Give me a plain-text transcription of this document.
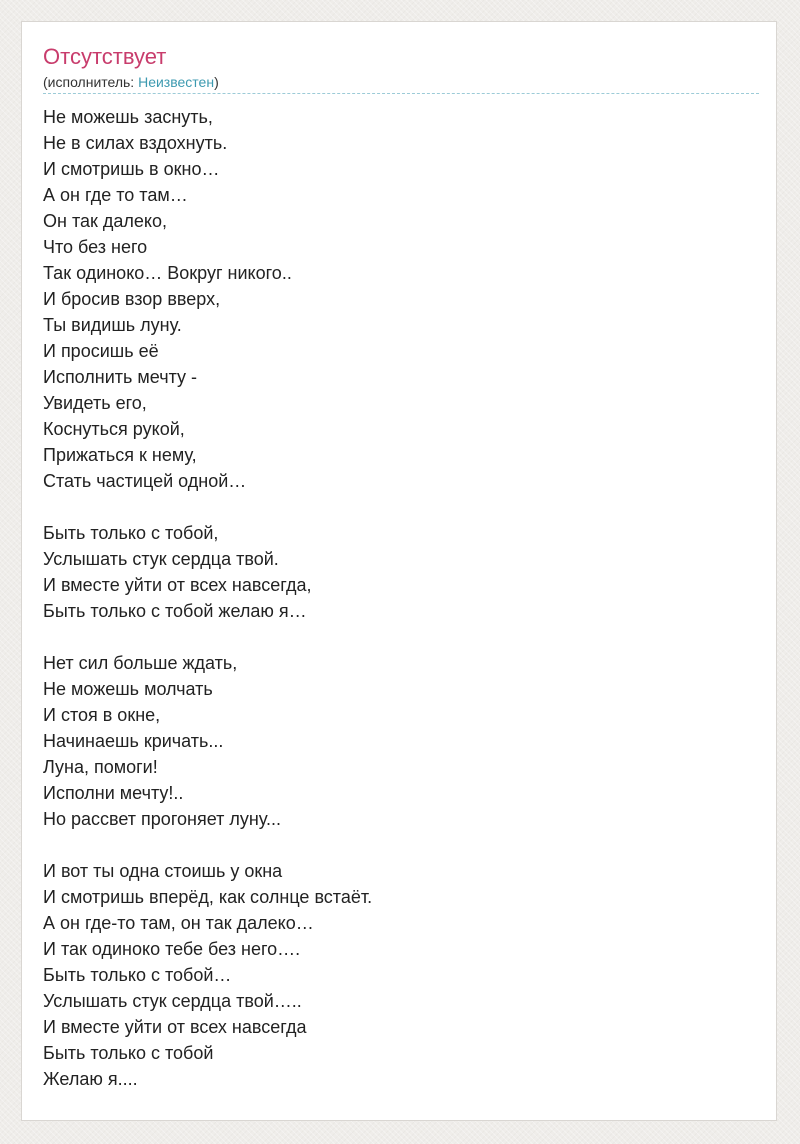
Отсутствует
(исполнитель: Неизвестен)
Не можешь заснуть,
Не в силах вздохнуть.
И смотришь в окно…
А он где то там…
Он так далеко,
Что без него
Так одиноко… Вокруг никого..
И бросив взор вверх,
Ты видишь луну.
И просишь её
Исполнить мечту -
Увидеть его,
Коснуться рукой,
Прижаться к нему,
Стать частицей одной…
Быть только с тобой,
Услышать стук сердца твой.
И вместе уйти от всех навсегда,
Быть только с тобой желаю я…
Нет сил больше ждать,
Не можешь молчать
И стоя в окне,
Начинаешь кричать...
Луна, помоги!
Исполни мечту!..
Но рассвет прогоняет луну...
И вот ты одна стоишь у окна
И смотришь вперёд, как солнце встаёт.
А он где-то там, он так далеко…
И так одиноко тебе без него….
Быть только с тобой…
Услышать стук сердца твой…..
И вместе уйти от всех навсегда
Быть только с тобой
Желаю я....
